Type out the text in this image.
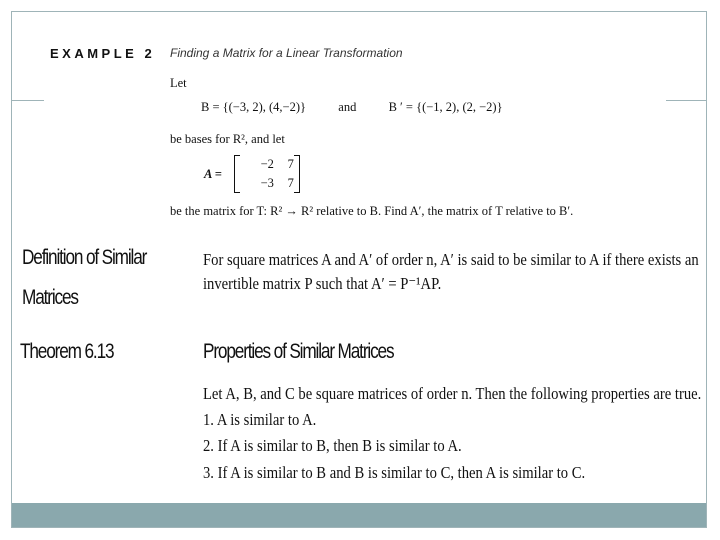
EXAMPLE 2 Finding a Matrix for a Linear Transformation
Let
B = {(−3, 2), (4,−2)}	and	B ′ = {(−1, 2), (2, −2)}
be bases for R², and let
A =
−2	7
−3	7
be the matrix for T: R² → R² relative to B. Find A′, the matrix of T relative to B′.
Definition of Similar
Matrices
For square matrices A and A′ of order n, A′ is said to be similar to A if there exists an
invertible matrix P such that A′ = P⁻¹AP.
Theorem 6.13	Properties of Similar Matrices
Let A, B, and C be square matrices of order n. Then the following properties are true.
1. A is similar to A.
2. If A is similar to B, then B is similar to A.
3. If A is similar to B and B is similar to C, then A is similar to C.
